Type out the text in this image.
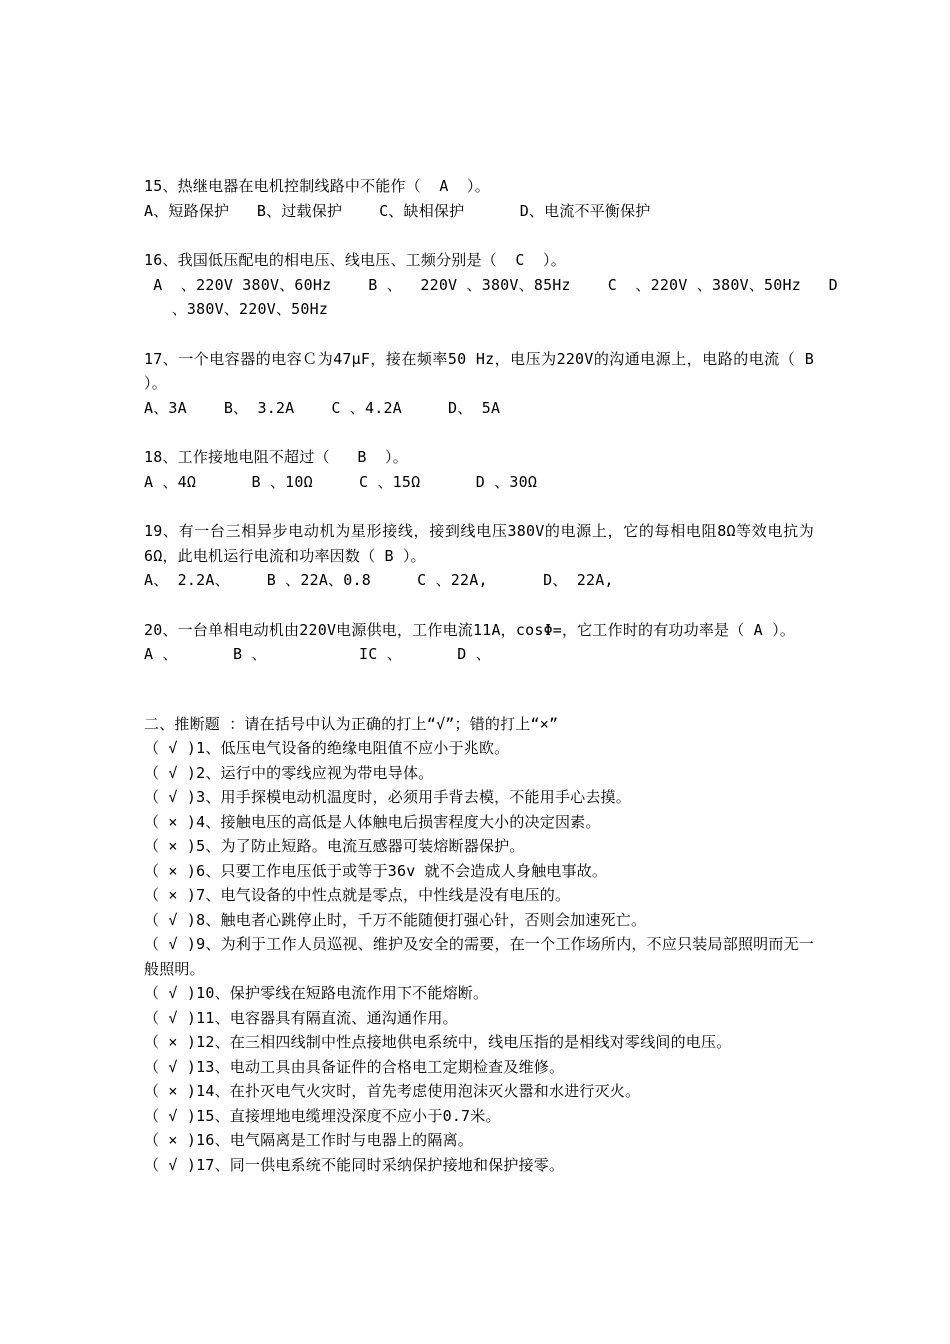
15、热继电器在电机控制线路中不能作（  A  ）。
A、短路保护   B、过载保护    C、缺相保护      D、电流不平衡保护
16、我国低压配电的相电压、线电压、工频分别是（  C  ）。
A  、220V 380V、60Hz    B 、  220V 、380V、85Hz    C  、220V 、380V、50Hz   D
、380V、220V、50Hz
17、一个电容器的电容Ｃ为47μF，接在频率50 Hz，电压为220V的沟通电源上，电路的电流（ B ）。
A、3A    B、 3.2A    C 、4.2A     D、 5A
18、工作接地电阻不超过（   B  ）。
A 、4Ω      B 、10Ω     C 、15Ω      D 、30Ω
19、有一台三相异步电动机为星形接线，接到线电压380V的电源上，它的每相电阻8Ω等效电抗为6Ω，此电机运行电流和功率因数（ B ）。
A、 2.2A、    B 、22A、0.8     C 、22A,      D、 22A,
20、一台单相电动机由220V电源供电，工作电流11A，cosΦ=，它工作时的有功功率是（ A ）。
A 、      B 、          IC 、      D 、
二、推断题 ：请在括号中认为正确的打上“√”；错的打上“×”
（ √ )1、低压电气设备的绝缘电阻值不应小于兆欧。
（ √ )2、运行中的零线应视为带电导体。
（ √ )3、用手探模电动机温度时，必须用手背去模，不能用手心去摸。
（ × )4、接触电压的高低是人体触电后损害程度大小的决定因素。
（ × )5、为了防止短路。电流互感器可装熔断器保护。
（ × )6、只要工作电压低于或等于36v 就不会造成人身触电事故。
（ × )7、电气设备的中性点就是零点，中性线是没有电压的。
（ √ )8、触电者心跳停止时，千万不能随便打强心针，否则会加速死亡。
（ √ )9、为利于工作人员巡视、维护及安全的需要，在一个工作场所内，不应只装局部照明而无一般照明。
（ √ )10、保护零线在短路电流作用下不能熔断。
（ √ )11、电容器具有隔直流、通沟通作用。
（ × )12、在三相四线制中性点接地供电系统中，线电压指的是相线对零线间的电压。
（ √ )13、电动工具由具备证件的合格电工定期检查及维修。
（ × )14、在扑灭电气火灾时，首先考虑使用泡沫灭火嚣和水进行灭火。
（ √ )15、直接埋地电缆埋没深度不应小于0.7米。
（ × )16、电气隔离是工作时与电器上的隔离。
（ √ )17、同一供电系统不能同时采纳保护接地和保护接零。
